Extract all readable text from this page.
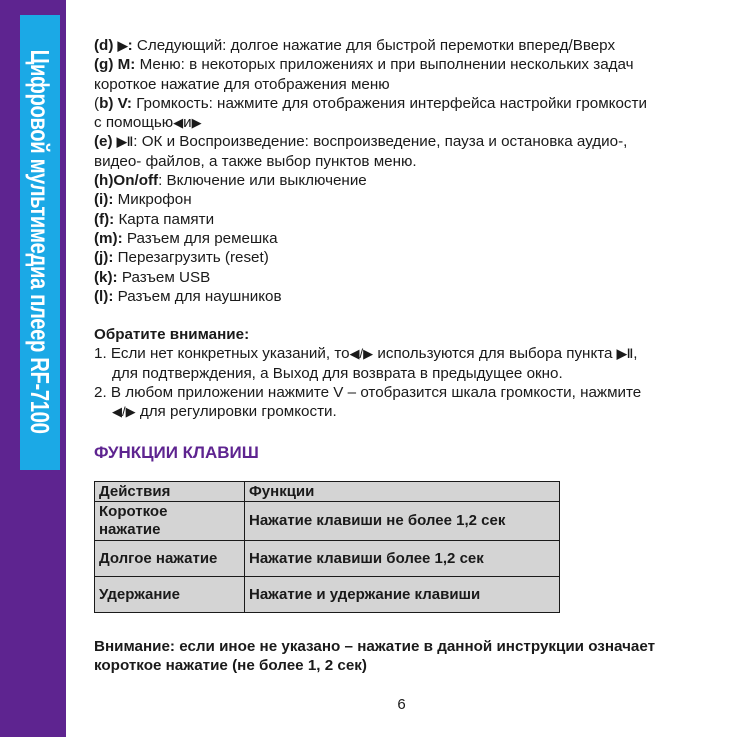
Цифровой мультимедиа плеер RF-7100
(d) ▶: Следующий: долгое нажатие для быстрой перемотки вперед/Вверх
(g) M: Меню: в некоторых приложениях и при выполнении нескольких задач
короткое нажатие для отображения меню
(b) V: Громкость: нажмите для отображения интерфейса настройки громкости
с помощью◀и▶
(e) ▶‖: ОК и Воспроизведение: воспроизведение, пауза и остановка аудио-,
видео- файлов, а также выбор пунктов меню.
(h)On/off: Включение или выключение
(i): Микрофон
(f): Карта памяти
(m): Разъем для ремешка
(j): Перезагрузить (reset)
(k): Разъем USB
(l): Разъем для наушников
Обратите внимание:
1. Если нет конкретных указаний, то◀/▶ используются для выбора пункта ▶‖,
для подтверждения, а Выход для возврата в предыдущее окно.
2. В любом приложении нажмите V – отобразится шкала громкости, нажмите
◀/▶ для регулировки громкости.
ФУНКЦИИ КЛАВИШ
Действия	Функции
Короткое
нажатие	Нажатие клавиши не более 1,2 сек
Долгое нажатие	Нажатие клавиши более 1,2 сек
Удержание	Нажатие и удержание клавиши
Внимание: если иное не указано – нажатие в данной инструкции означает
короткое нажатие (не более 1, 2 сек)
6
